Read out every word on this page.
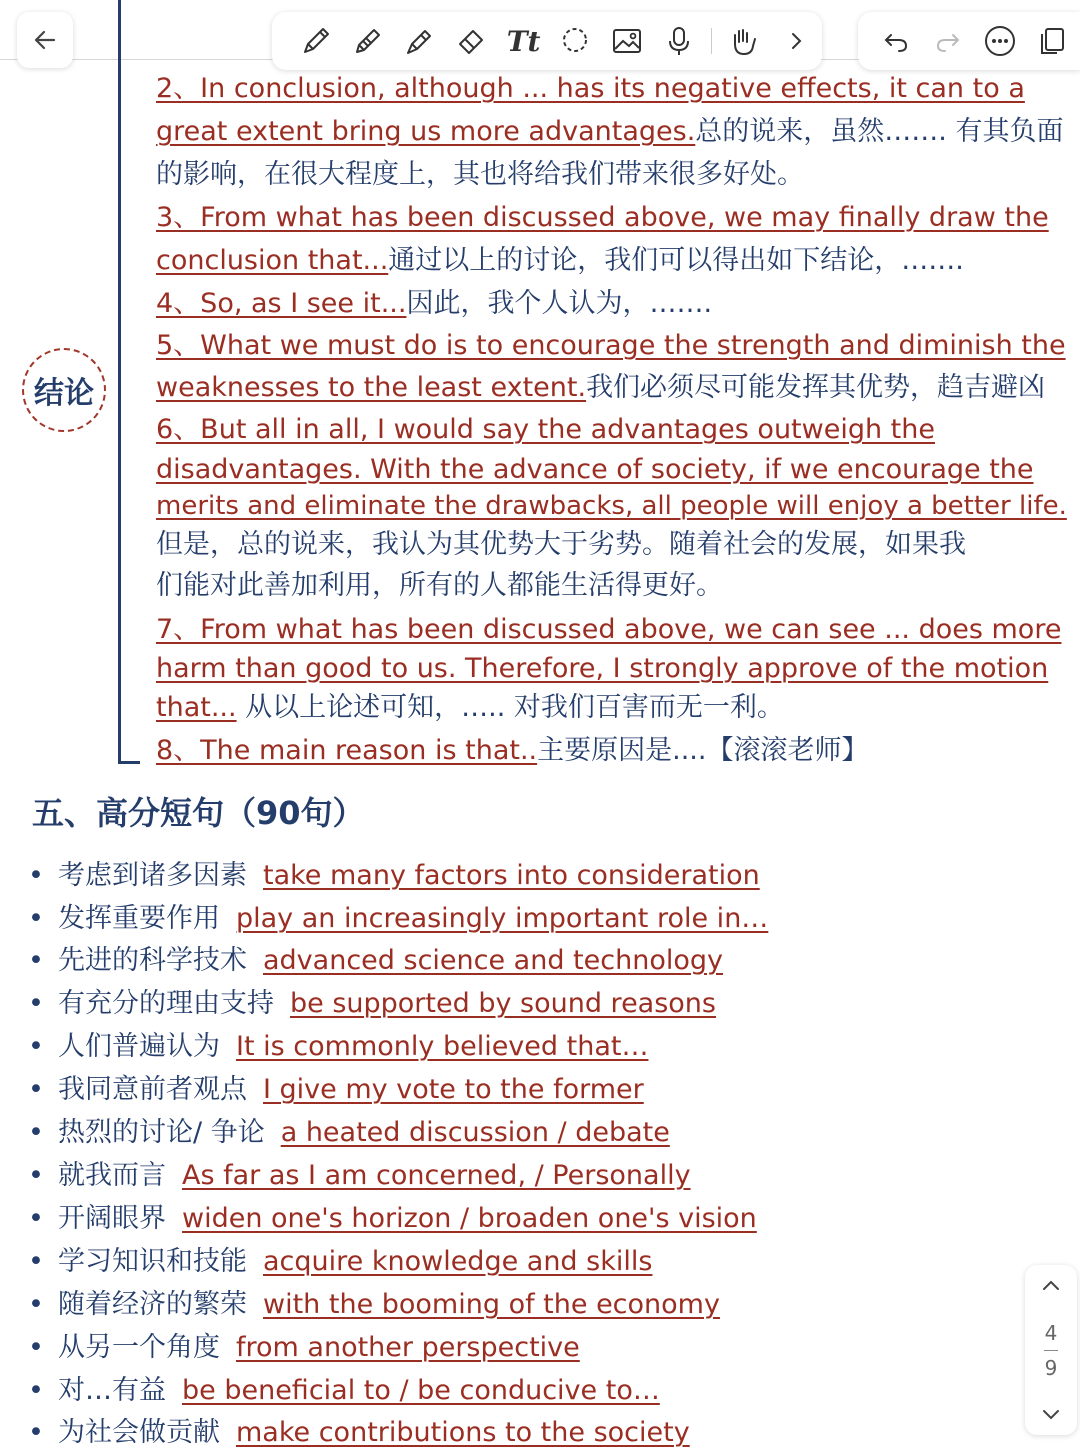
Tt
结论
2、In conclusion, although ... has its negative effects, it can to a
great extent bring us more advantages.总的说来，虽然……. 有其负面
的影响，在很大程度上，其也将给我们带来很多好处。
3、From what has been discussed above, we may finally draw the
conclusion that...通过以上的讨论，我们可以得出如下结论，…….
4、So, as I see it...因此，我个人认为，…….
5、What we must do is to encourage the strength and diminish the
weaknesses to the least extent.我们必须尽可能发挥其优势，趋吉避凶
6、But all in all, I would say the advantages outweigh the
disadvantages. With the advance of society, if we encourage the
merits and eliminate the drawbacks, all people will enjoy a better life.
但是，总的说来，我认为其优势大于劣势。随着社会的发展，如果我
们能对此善加利用，所有的人都能生活得更好。
7、From what has been discussed above, we can see ... does more
harm than good to us. Therefore, I strongly approve of the motion
that... 从以上论述可知，….. 对我们百害而无一利。
8、The main reason is that..主要原因是....【滚滚老师】
五、高分短句（90句）
• 考虑到诸多因素 take many factors into consideration
• 发挥重要作用 play an increasingly important role in…
• 先进的科学技术 advanced science and technology
• 有充分的理由支持 be supported by sound reasons
• 人们普遍认为 It is commonly believed that…
• 我同意前者观点 I give my vote to the former
• 热烈的讨论/ 争论 a heated discussion / debate
• 就我而言 As far as I am concerned, / Personally
• 开阔眼界 widen one's horizon / broaden one's vision
• 学习知识和技能 acquire knowledge and skills
• 随着经济的繁荣 with the booming of the economy
• 从另一个角度 from another perspective
• 对…有益 be beneficial to / be conducive to…
• 为社会做贡献 make contributions to the society
4
9
